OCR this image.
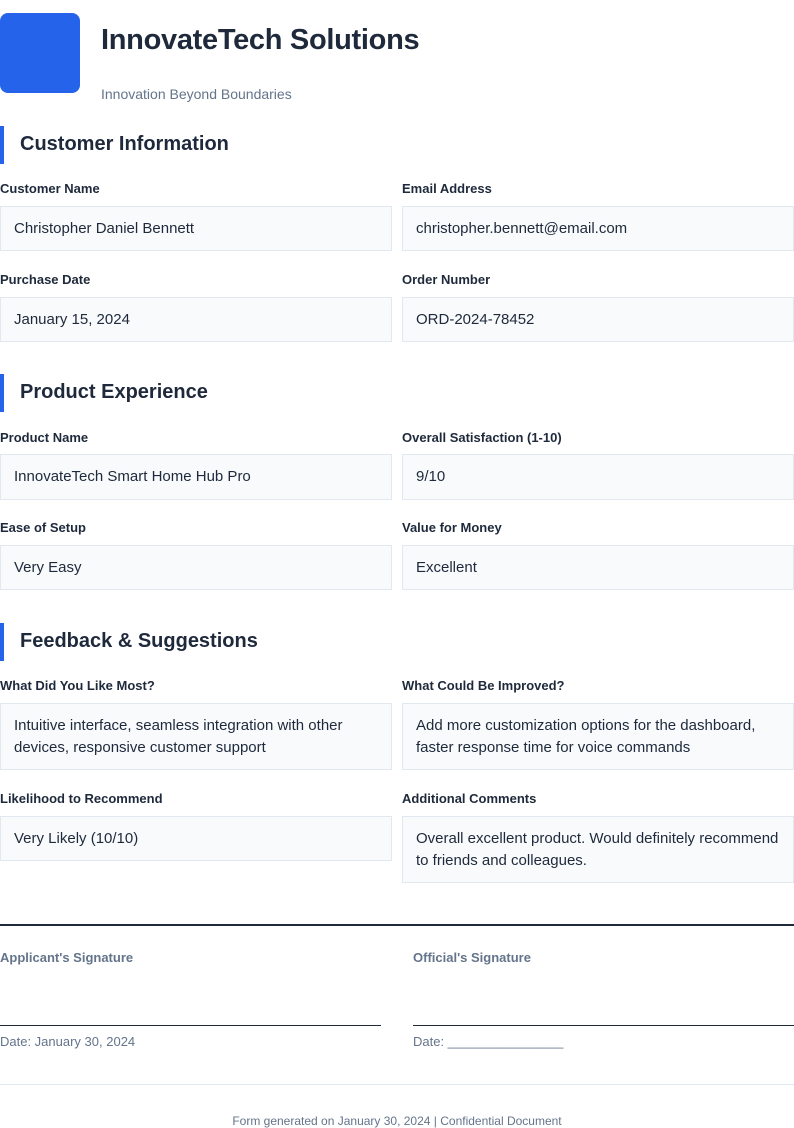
InnovateTech Solutions
Innovation Beyond Boundaries
Customer Information
Customer Name
Christopher Daniel Bennett
Email Address
christopher.bennett@email.com
Purchase Date
January 15, 2024
Order Number
ORD-2024-78452
Product Experience
Product Name
InnovateTech Smart Home Hub Pro
Overall Satisfaction (1-10)
9/10
Ease of Setup
Very Easy
Value for Money
Excellent
Feedback & Suggestions
What Did You Like Most?
Intuitive interface, seamless integration with other devices, responsive customer support
What Could Be Improved?
Add more customization options for the dashboard, faster response time for voice commands
Likelihood to Recommend
Very Likely (10/10)
Additional Comments
Overall excellent product. Would definitely recommend to friends and colleagues.
Applicant's Signature
Date: January 30, 2024
Official's Signature
Date: ________________
Form generated on January 30, 2024 | Confidential Document
